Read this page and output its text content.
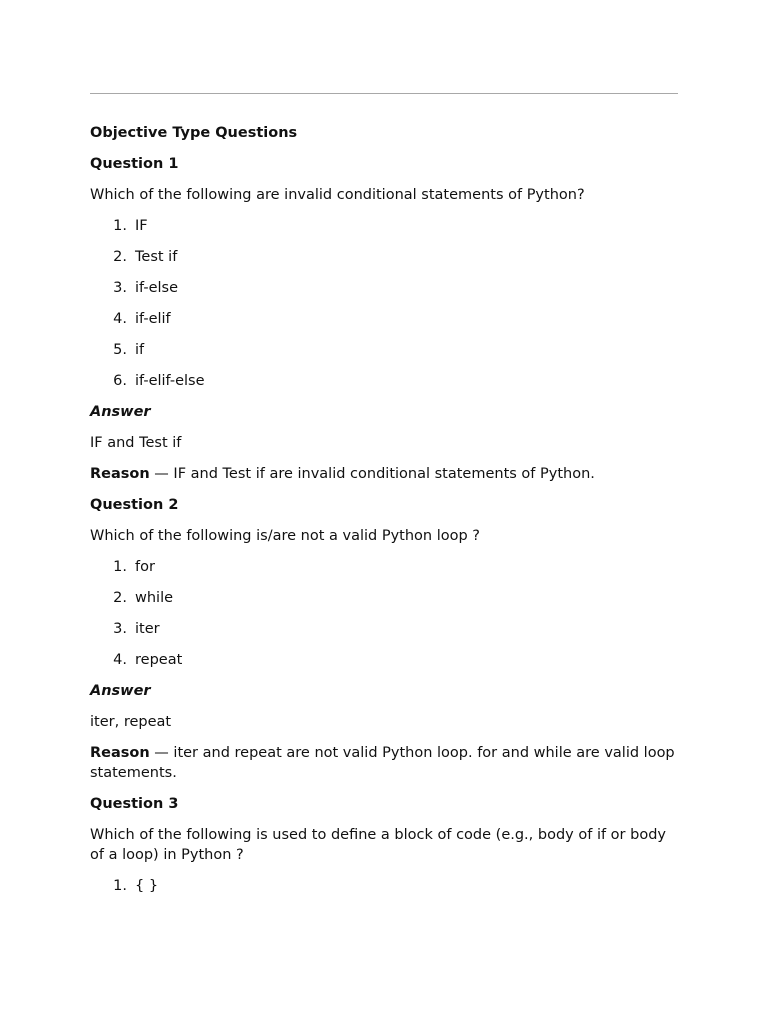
Objective Type Questions
Question 1
Which of the following are invalid conditional statements of Python?
1. IF
2. Test if
3. if-else
4. if-elif
5. if
6. if-elif-else
Answer
IF and Test if
Reason — IF and Test if are invalid conditional statements of Python.
Question 2
Which of the following is/are not a valid Python loop ?
1. for
2. while
3. iter
4. repeat
Answer
iter, repeat
Reason — iter and repeat are not valid Python loop. for and while are valid loop statements.
Question 3
Which of the following is used to define a block of code (e.g., body of if or body of a loop) in Python ?
1. { }
